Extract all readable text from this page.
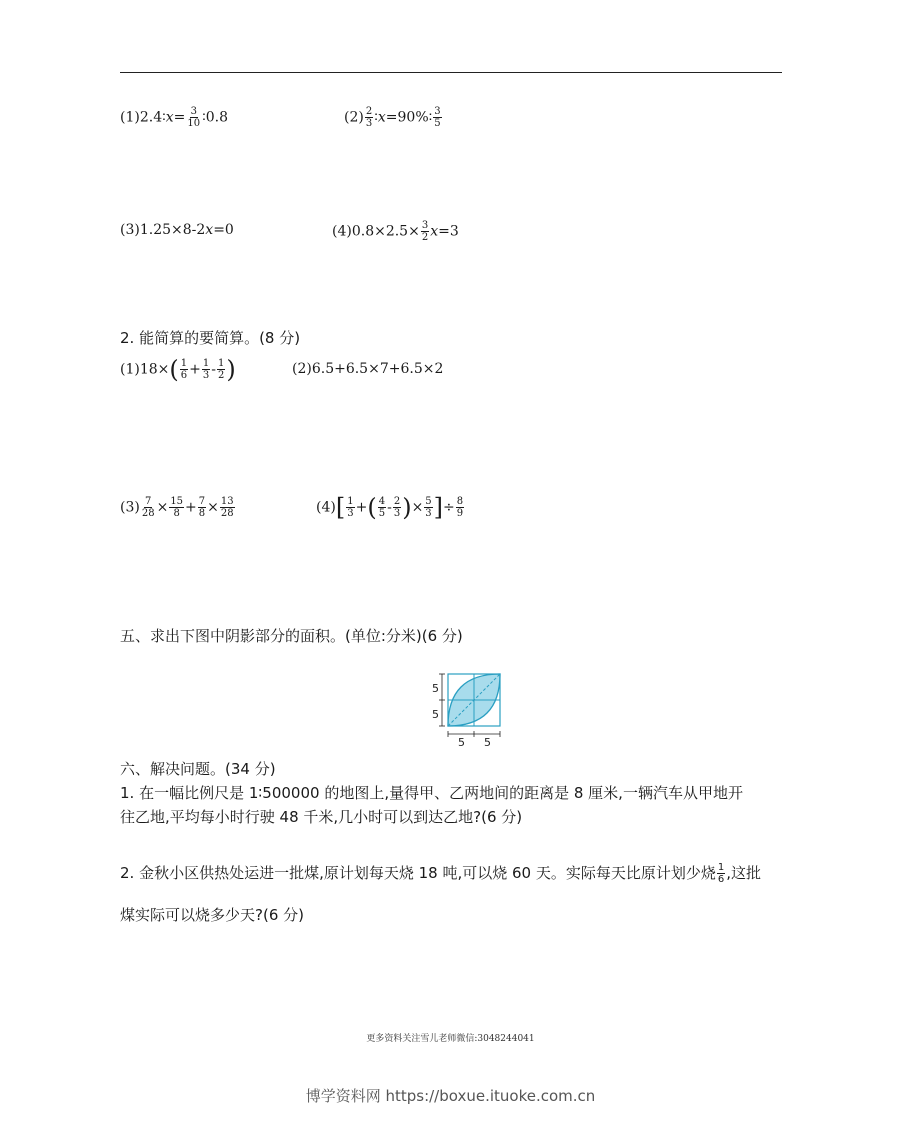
(1)2.4∶x= $\frac{3}{10}$ ∶0.8	$(2) \frac{2}{3}$ ∶x=90%∶ $\frac{3}{5}$
(3)1.25×8-2x=0	$(4)0.8\times 2.5\times \frac{3}{2} x=3$
2. 能简算的要简算。(8 分)
$(1)18\times( \frac{1}{6} + \frac{1}{3} - \frac{1}{2}$ )	(2)6.5+6.5×7+6.5×2
$(3) \frac{7}{28} \times \frac{15}{8} + \frac{7}{8} \times \frac{13}{28}$	$(4)[ \frac{1}{3}$ +( $\frac{4}{5} - \frac{2}{3}$ )× $\frac{5}{3}$ ]÷ $\frac{8}{9}$
五、求出下图中阴影部分的面积。(单位:分米)(6 分)
5
5
5 5
六、解决问题。(34 分)
1. 在一幅比例尺是 1∶500000 的地图上,量得甲、乙两地间的距离是 8 厘米,一辆汽车从甲地开
往乙地,平均每小时行驶 48 千米,几小时可以到达乙地?(6 分)
2. 金秋小区供热处运进一批煤,原计划每天烧 18 吨,可以烧 60 天。实际每天比原计划少烧 $\frac{1}{6}$ ,这批
煤实际可以烧多少天?(6 分)
更多资料关注雪儿老师微信:3048244041
博学资料网 https://boxue.ituoke.com.cn
